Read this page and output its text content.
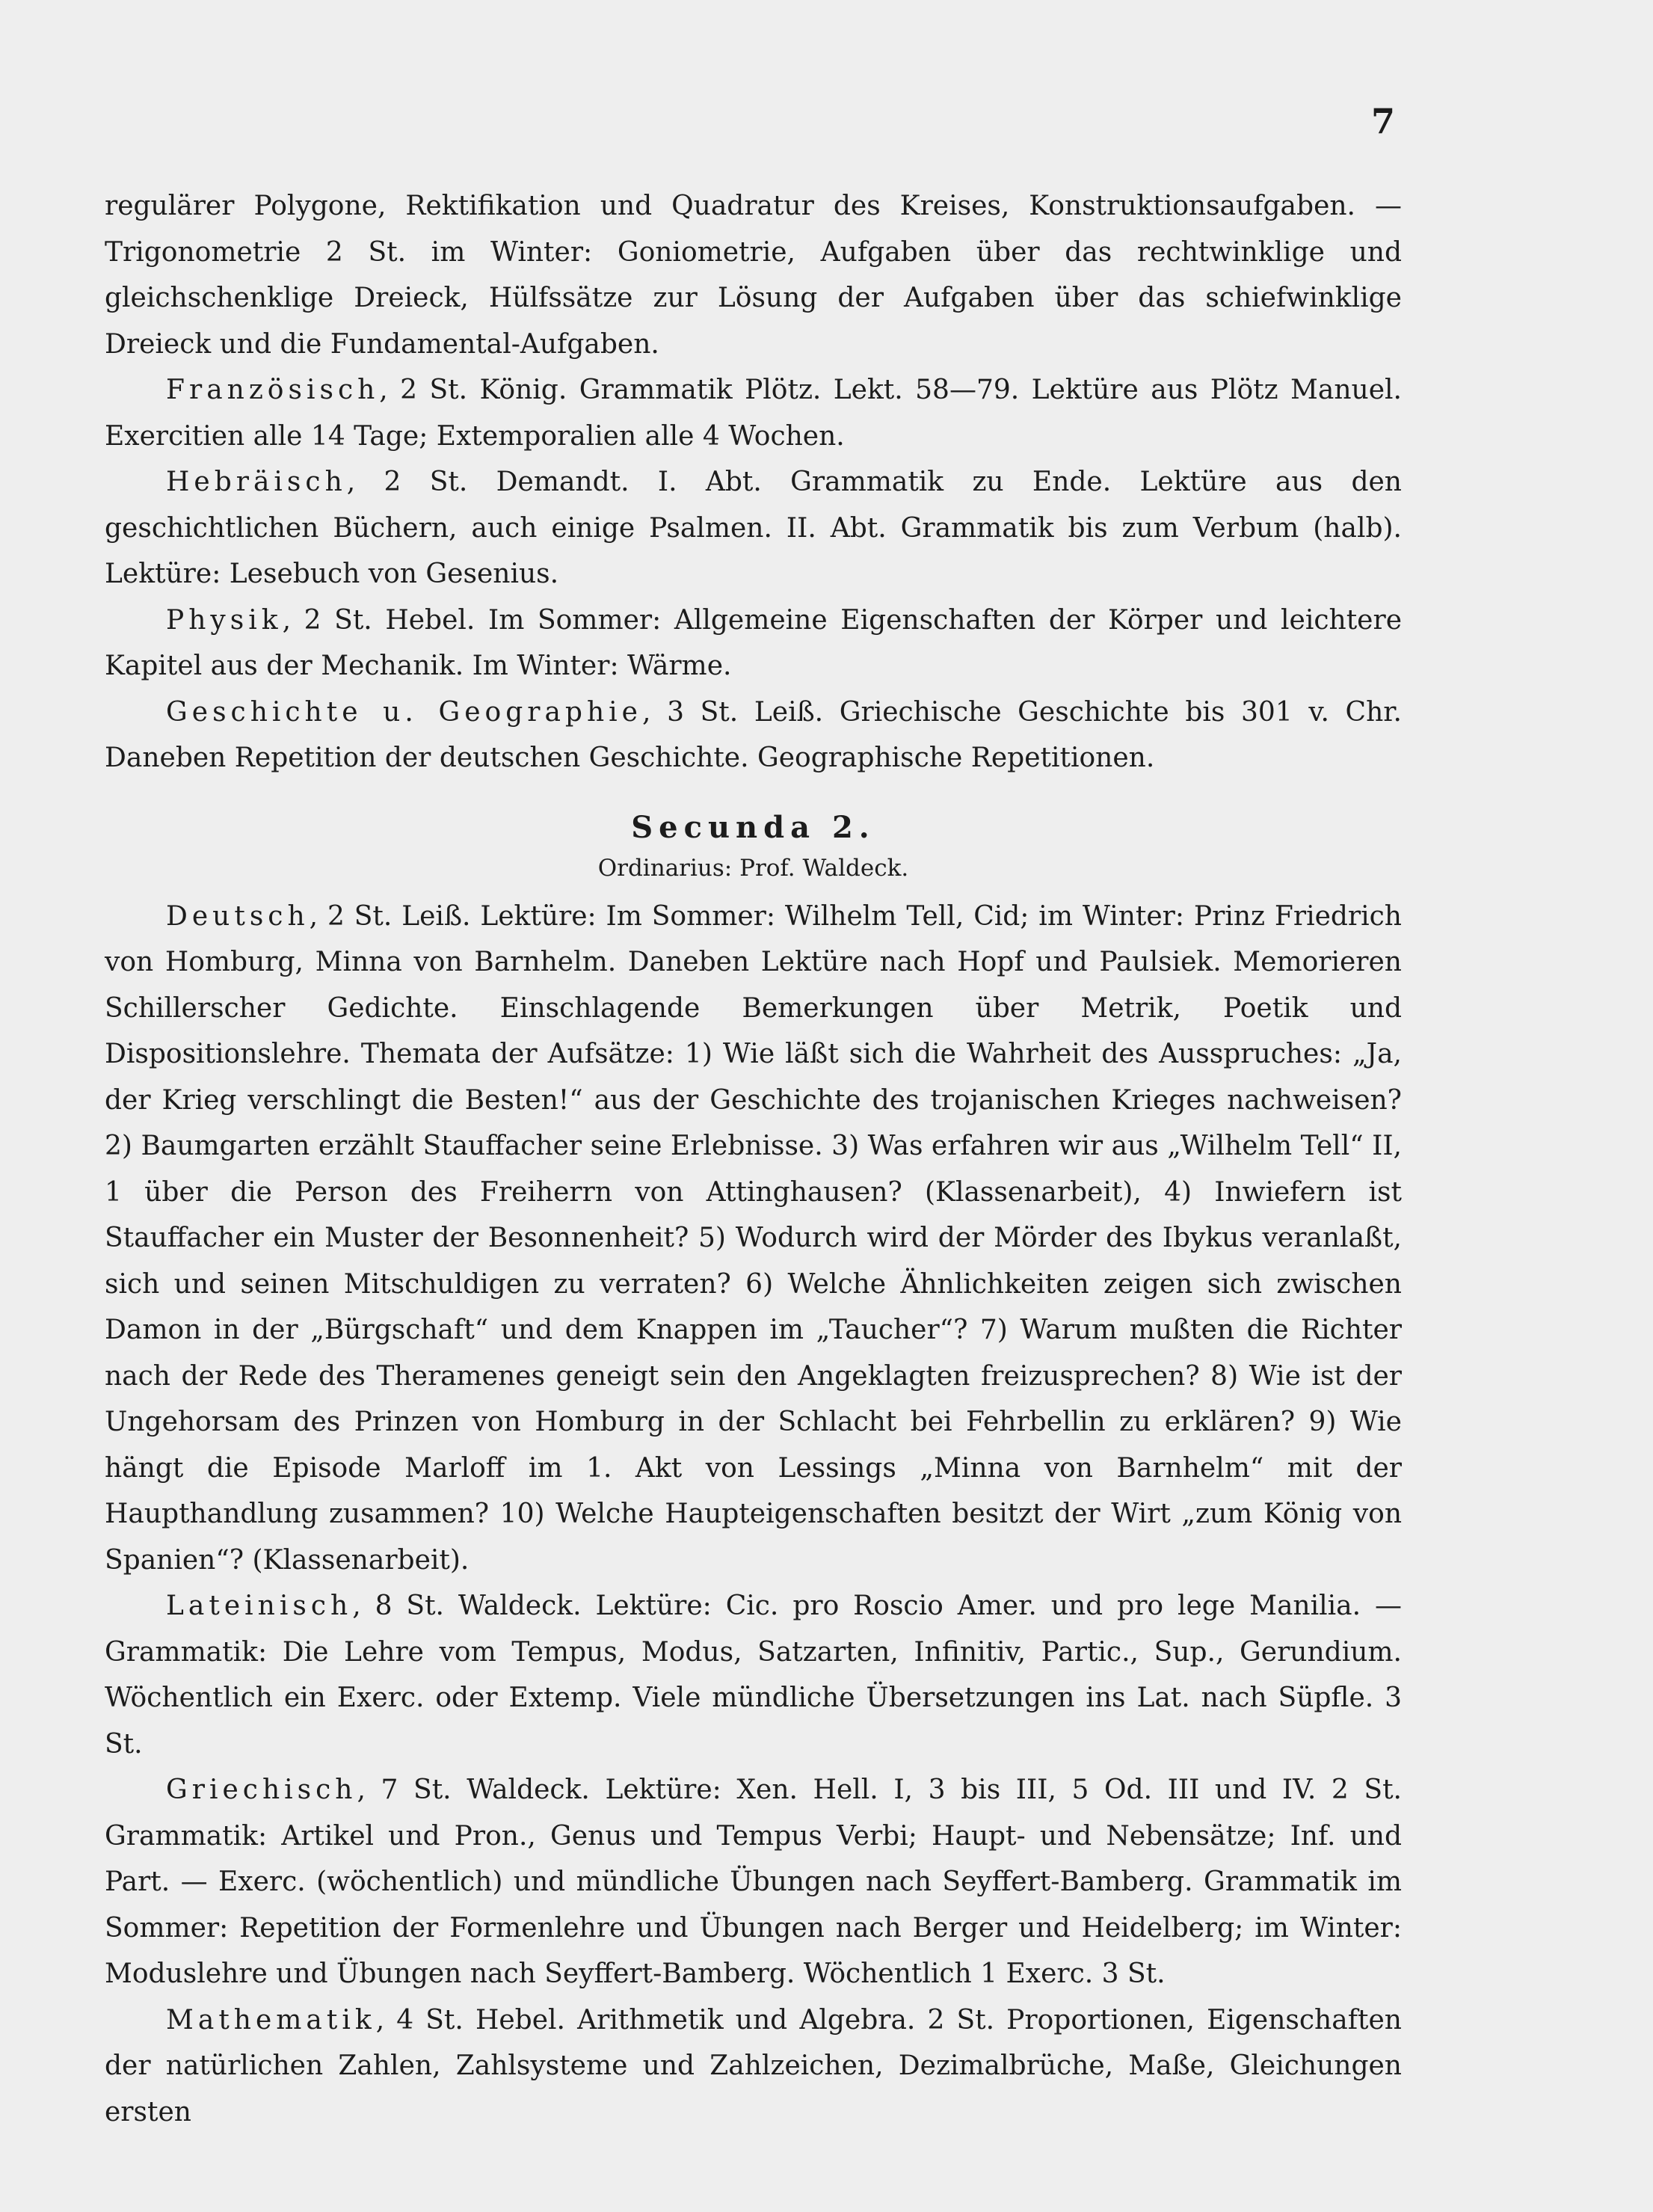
7

regulärer Polygone, Rektifikation und Quadratur des Kreises, Konstruktionsaufgaben. — Trigonometrie 2 St. im Winter: Goniometrie, Aufgaben über das rechtwinklige und gleichschenklige Dreieck, Hülfssätze zur Lösung der Aufgaben über das schiefwinklige Dreieck und die Fundamental-Aufgaben.

Französisch, 2 St. König. Grammatik Plötz. Lekt. 58—79. Lektüre aus Plötz Manuel. Exercitien alle 14 Tage; Extemporalien alle 4 Wochen.

Hebräisch, 2 St. Demandt. I. Abt. Grammatik zu Ende. Lektüre aus den geschichtlichen Büchern, auch einige Psalmen. II. Abt. Grammatik bis zum Verbum (halb). Lektüre: Lesebuch von Gesenius.

Physik, 2 St. Hebel. Im Sommer: Allgemeine Eigenschaften der Körper und leichtere Kapitel aus der Mechanik. Im Winter: Wärme.

Geschichte u. Geographie, 3 St. Leiß. Griechische Geschichte bis 301 v. Chr. Daneben Repetition der deutschen Geschichte. Geographische Repetitionen.

Secunda 2.
Ordinarius: Prof. Waldeck.

Deutsch, 2 St. Leiß. Lektüre: Im Sommer: Wilhelm Tell, Cid; im Winter: Prinz Friedrich von Homburg, Minna von Barnhelm. Daneben Lektüre nach Hopf und Paulsiek. Memorieren Schillerscher Gedichte. Einschlagende Bemerkungen über Metrik, Poetik und Dispositionslehre. Themata der Aufsätze: 1) Wie läßt sich die Wahrheit des Ausspruches: „Ja, der Krieg verschlingt die Besten!“ aus der Geschichte des trojanischen Krieges nachweisen? 2) Baumgarten erzählt Stauffacher seine Erlebnisse. 3) Was erfahren wir aus „Wilhelm Tell“ II, 1 über die Person des Freiherrn von Attinghausen? (Klassenarbeit), 4) Inwiefern ist Stauffacher ein Muster der Besonnenheit? 5) Wodurch wird der Mörder des Ibykus veranlaßt, sich und seinen Mitschuldigen zu verraten? 6) Welche Ähnlichkeiten zeigen sich zwischen Damon in der „Bürgschaft“ und dem Knappen im „Taucher“? 7) Warum mußten die Richter nach der Rede des Theramenes geneigt sein den Angeklagten freizusprechen? 8) Wie ist der Ungehorsam des Prinzen von Homburg in der Schlacht bei Fehrbellin zu erklären? 9) Wie hängt die Episode Marloff im 1. Akt von Lessings „Minna von Barnhelm“ mit der Haupthandlung zusammen? 10) Welche Haupteigenschaften besitzt der Wirt „zum König von Spanien“? (Klassenarbeit).

Lateinisch, 8 St. Waldeck. Lektüre: Cic. pro Roscio Amer. und pro lege Manilia. — Grammatik: Die Lehre vom Tempus, Modus, Satzarten, Infinitiv, Partic., Sup., Gerundium. Wöchentlich ein Exerc. oder Extemp. Viele mündliche Übersetzungen ins Lat. nach Süpfle. 3 St.

Griechisch, 7 St. Waldeck. Lektüre: Xen. Hell. I, 3 bis III, 5 Od. III und IV. 2 St. Grammatik: Artikel und Pron., Genus und Tempus Verbi; Haupt- und Nebensätze; Inf. und Part. — Exerc. (wöchentlich) und mündliche Übungen nach Seyffert-Bamberg. Grammatik im Sommer: Repetition der Formenlehre und Übungen nach Berger und Heidelberg; im Winter: Moduslehre und Übungen nach Seyffert-Bamberg. Wöchentlich 1 Exerc. 3 St.

Mathematik, 4 St. Hebel. Arithmetik und Algebra. 2 St. Proportionen, Eigenschaften der natürlichen Zahlen, Zahlsysteme und Zahlzeichen, Dezimalbrüche, Maße, Gleichungen ersten
